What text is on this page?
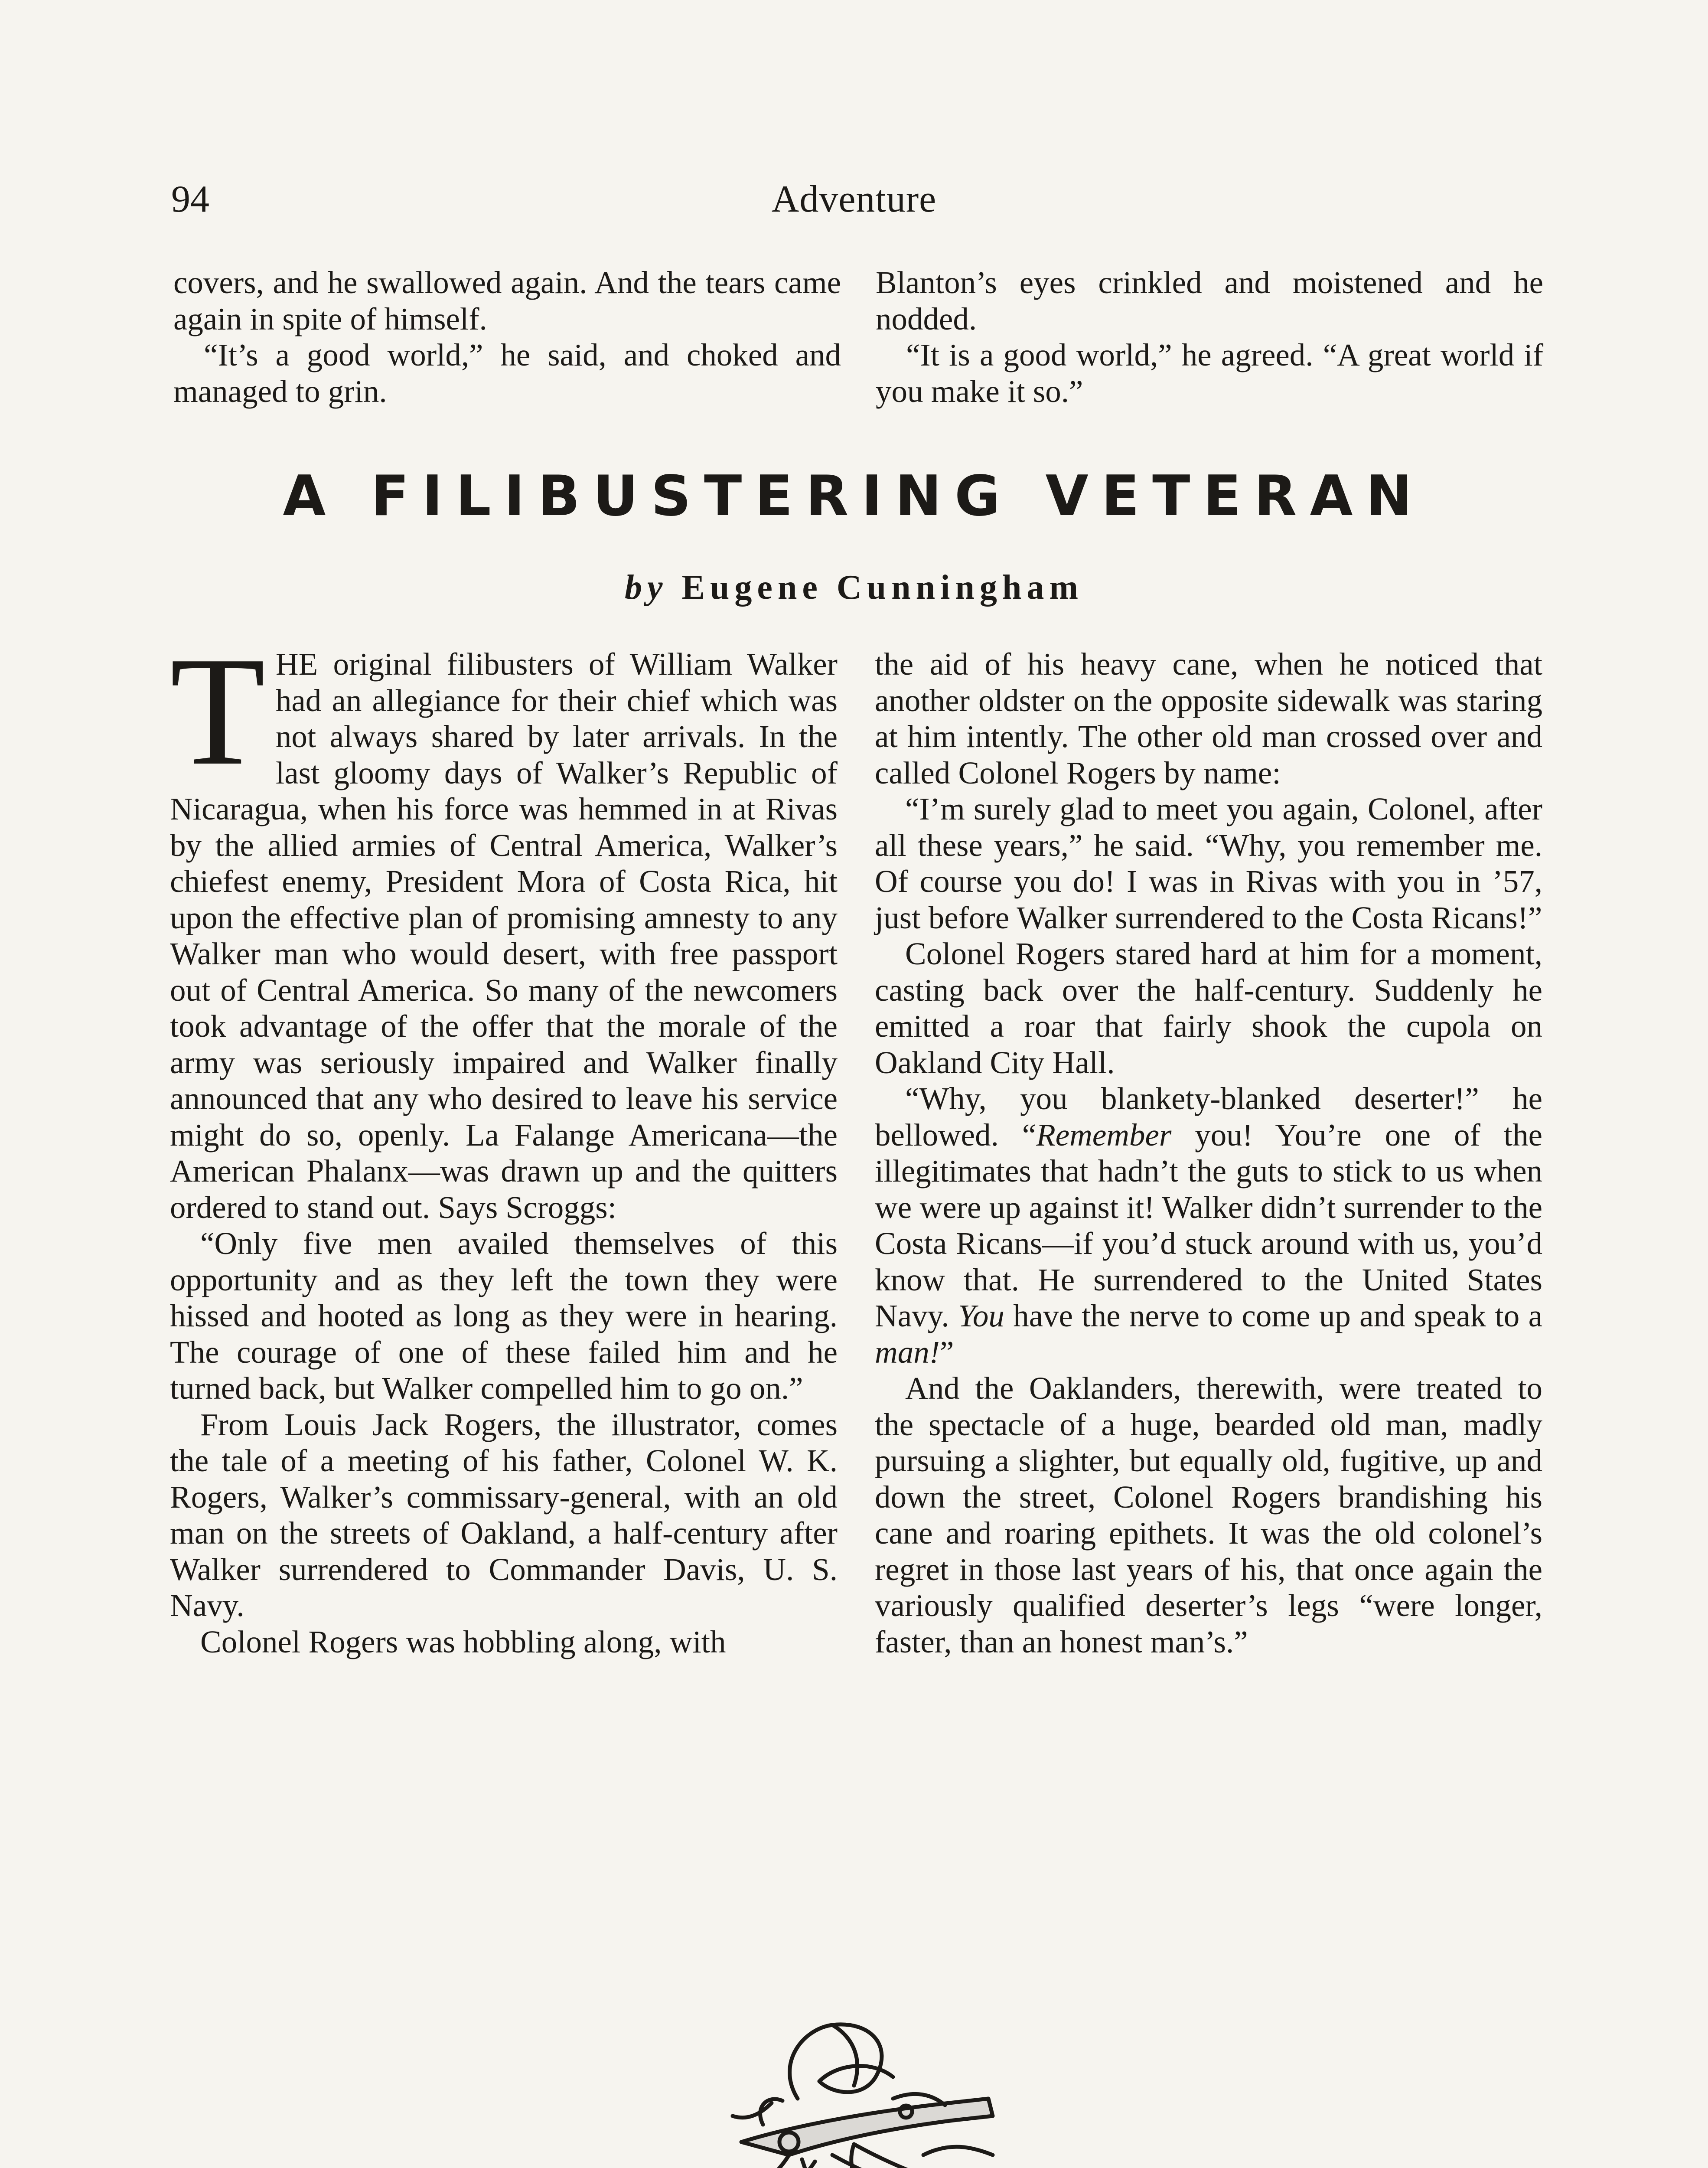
94	Adventure

covers, and he swallowed again. And the tears came again in spite of himself.

“It’s a good world,” he said, and choked and managed to grin.

Blanton’s eyes crinkled and moistened and he nodded.

“It is a good world,” he agreed. “A great world if you make it so.”

A FILIBUSTERING VETERAN
by Eugene Cunningham

THE original filibusters of William Walker had an allegiance for their chief which was not always shared by later arrivals. In the last gloomy days of Walker’s Republic of Nicaragua, when his force was hemmed in at Rivas by the allied armies of Central America, Walker’s chiefest enemy, President Mora of Costa Rica, hit upon the effective plan of promising amnesty to any Walker man who would desert, with free passport out of Central America. So many of the newcomers took advantage of the offer that the morale of the army was seriously impaired and Walker finally announced that any who desired to leave his service might do so, openly. La Falange Americana—the American Phalanx—was drawn up and the quitters ordered to stand out. Says Scroggs:

“Only five men availed themselves of this opportunity and as they left the town they were hissed and hooted as long as they were in hearing. The courage of one of these failed him and he turned back, but Walker compelled him to go on.”

From Louis Jack Rogers, the illustrator, comes the tale of a meeting of his father, Colonel W. K. Rogers, Walker’s commissary-general, with an old man on the streets of Oakland, a half-century after Walker surrendered to Commander Davis, U. S. Navy.

Colonel Rogers was hobbling along, with

the aid of his heavy cane, when he noticed that another oldster on the opposite sidewalk was staring at him intently. The other old man crossed over and called Colonel Rogers by name:

“I’m surely glad to meet you again, Colonel, after all these years,” he said. “Why, you remember me. Of course you do! I was in Rivas with you in ’57, just before Walker surrendered to the Costa Ricans!”

Colonel Rogers stared hard at him for a moment, casting back over the half-century. Suddenly he emitted a roar that fairly shook the cupola on Oakland City Hall.

“Why, you blankety-blanked deserter!” he bellowed. “Remember you! You’re one of the illegitimates that hadn’t the guts to stick to us when we were up against it! Walker didn’t surrender to the Costa Ricans—if you’d stuck around with us, you’d know that. He surrendered to the United States Navy. You have the nerve to come up and speak to a man!”

And the Oaklanders, therewith, were treated to the spectacle of a huge, bearded old man, madly pursuing a slighter, but equally old, fugitive, up and down the street, Colonel Rogers brandishing his cane and roaring epithets. It was the old colonel’s regret in those last years of his, that once again the variously qualified deserter’s legs “were longer, faster, than an honest man’s.”
